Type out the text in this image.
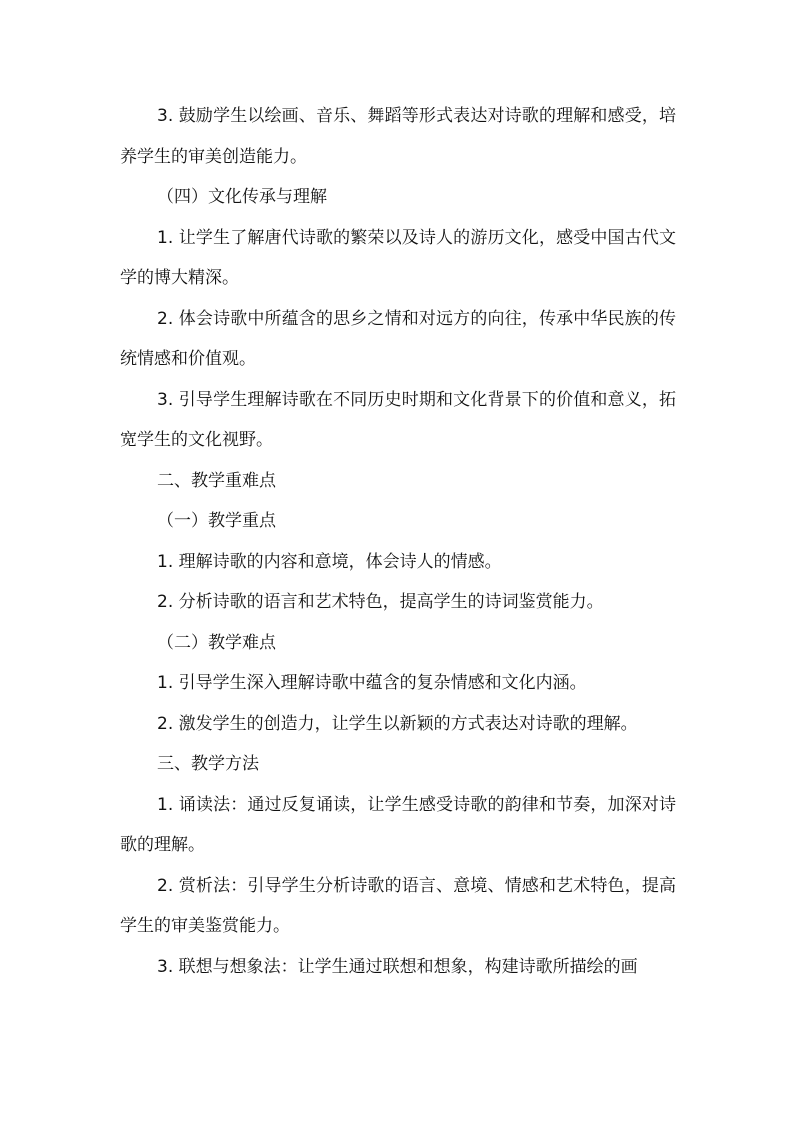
3. 鼓励学生以绘画、音乐、舞蹈等形式表达对诗歌的理解和感受，培养学生的审美创造能力。

（四）文化传承与理解

1. 让学生了解唐代诗歌的繁荣以及诗人的游历文化，感受中国古代文学的博大精深。

2. 体会诗歌中所蕴含的思乡之情和对远方的向往，传承中华民族的传统情感和价值观。

3. 引导学生理解诗歌在不同历史时期和文化背景下的价值和意义，拓宽学生的文化视野。

二、教学重难点

（一）教学重点

1. 理解诗歌的内容和意境，体会诗人的情感。

2. 分析诗歌的语言和艺术特色，提高学生的诗词鉴赏能力。

（二）教学难点

1. 引导学生深入理解诗歌中蕴含的复杂情感和文化内涵。

2. 激发学生的创造力，让学生以新颖的方式表达对诗歌的理解。

三、教学方法

1. 诵读法：通过反复诵读，让学生感受诗歌的韵律和节奏，加深对诗歌的理解。

2. 赏析法：引导学生分析诗歌的语言、意境、情感和艺术特色，提高学生的审美鉴赏能力。

3. 联想与想象法：让学生通过联想和想象，构建诗歌所描绘的画
